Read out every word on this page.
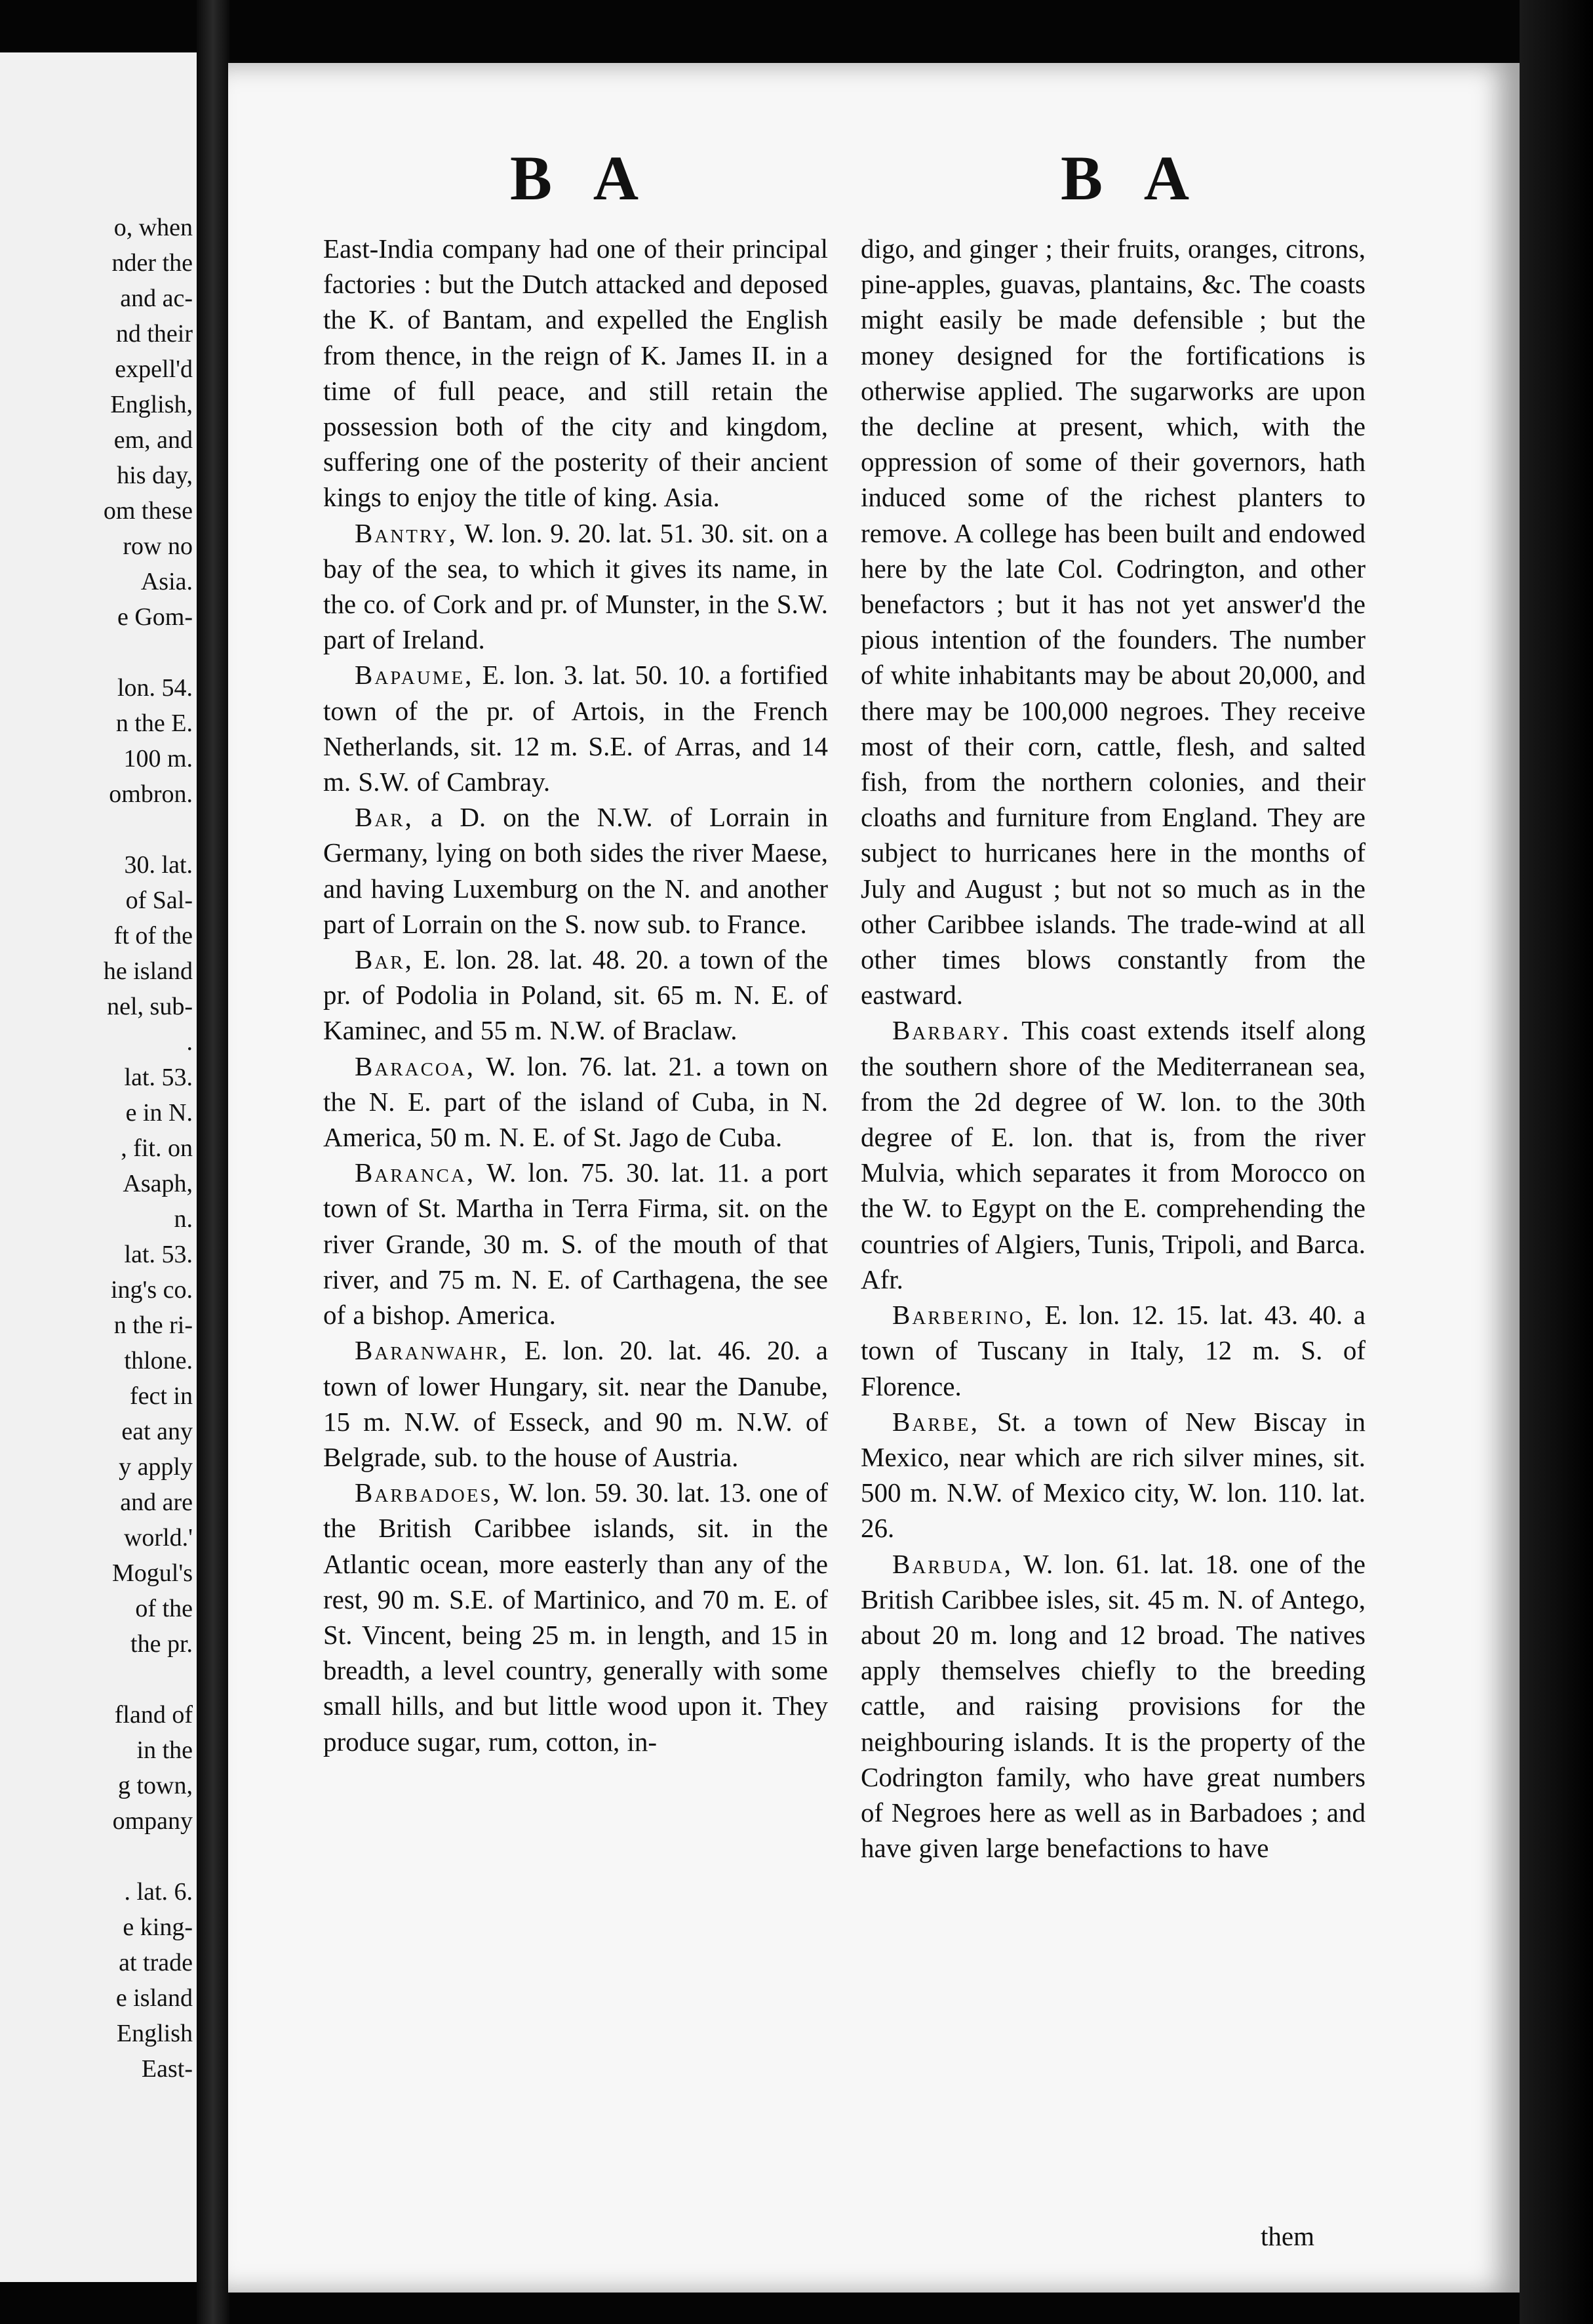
o, when
nder the
and ac-
nd their
expell'd
English,
em, and
his day,
om these
row no
Asia.
e Gom-

lon. 54.
n the E.
100 m.
ombron.

30. lat.
of Sal-
ft of the
he island
nel, sub-
.
lat. 53.
e in N.
, fit. on
Asaph,
n.
lat. 53.
ing's co.
n the ri-
thlone.
fect in
eat any
y apply
and are
world.'
Mogul's
of the
the pr.

fland of
in the
g town,
ompany

. lat. 6.
e king-
at trade
e island
English
East-
B A	B A

East-India company had one of their principal factories : but the Dutch attacked and deposed the K. of Bantam, and expelled the English from thence, in the reign of K. James II. in a time of full peace, and still retain the possession both of the city and kingdom, suffering one of the posterity of their ancient kings to enjoy the title of king. Asia.

Bantry, W. lon. 9. 20. lat. 51. 30. sit. on a bay of the sea, to which it gives its name, in the co. of Cork and pr. of Munster, in the S.W. part of Ireland.

Bapaume, E. lon. 3. lat. 50. 10. a fortified town of the pr. of Artois, in the French Netherlands, sit. 12 m. S.E. of Arras, and 14 m. S.W. of Cambray.

Bar, a D. on the N.W. of Lorrain in Germany, lying on both sides the river Maese, and having Luxemburg on the N. and another part of Lorrain on the S. now sub. to France.

Bar, E. lon. 28. lat. 48. 20. a town of the pr. of Podolia in Poland, sit. 65 m. N. E. of Kaminec, and 55 m. N.W. of Braclaw.

Baracoa, W. lon. 76. lat. 21. a town on the N. E. part of the island of Cuba, in N. America, 50 m. N. E. of St. Jago de Cuba.

Baranca, W. lon. 75. 30. lat. 11. a port town of St. Martha in Terra Firma, sit. on the river Grande, 30 m. S. of the mouth of that river, and 75 m. N. E. of Carthagena, the see of a bishop. America.

Baranwahr, E. lon. 20. lat. 46. 20. a town of lower Hungary, sit. near the Danube, 15 m. N.W. of Esseck, and 90 m. N.W. of Belgrade, sub. to the house of Austria.

Barbadoes, W. lon. 59. 30. lat. 13. one of the British Caribbee islands, sit. in the Atlantic ocean, more easterly than any of the rest, 90 m. S.E. of Martinico, and 70 m. E. of St. Vincent, being 25 m. in length, and 15 in breadth, a level country, generally with some small hills, and but little wood upon it. They produce sugar, rum, cotton, in-

digo, and ginger ; their fruits, oranges, citrons, pine-apples, guavas, plantains, &c. The coasts might easily be made defensible ; but the money designed for the fortifications is otherwise applied. The sugarworks are upon the decline at present, which, with the oppression of some of their governors, hath induced some of the richest planters to remove. A college has been built and endowed here by the late Col. Codrington, and other benefactors ; but it has not yet answer'd the pious intention of the founders. The number of white inhabitants may be about 20,000, and there may be 100,000 negroes. They receive most of their corn, cattle, flesh, and salted fish, from the northern colonies, and their cloaths and furniture from England. They are subject to hurricanes here in the months of July and August ; but not so much as in the other Caribbee islands. The trade-wind at all other times blows constantly from the eastward.

Barbary. This coast extends itself along the southern shore of the Mediterranean sea, from the 2d degree of W. lon. to the 30th degree of E. lon. that is, from the river Mulvia, which separates it from Morocco on the W. to Egypt on the E. comprehending the countries of Algiers, Tunis, Tripoli, and Barca. Afr.

Barberino, E. lon. 12. 15. lat. 43. 40. a town of Tuscany in Italy, 12 m. S. of Florence.

Barbe, St. a town of New Biscay in Mexico, near which are rich silver mines, sit. 500 m. N.W. of Mexico city, W. lon. 110. lat. 26.

Barbuda, W. lon. 61. lat. 18. one of the British Caribbee isles, sit. 45 m. N. of Antego, about 20 m. long and 12 broad. The natives apply themselves chiefly to the breeding cattle, and raising provisions for the neighbouring islands. It is the property of the Codrington family, who have great numbers of Negroes here as well as in Barbadoes ; and have given large benefactions to have

them
